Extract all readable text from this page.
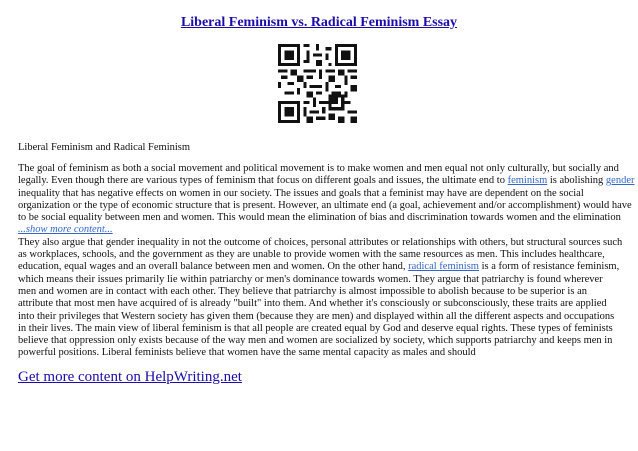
Liberal Feminism vs. Radical Feminism Essay
Liberal Feminism and Radical Feminism

The goal of feminism as both a social movement and political movement is to make women and men equal not only culturally, but socially and

legally. Even though there are various types of feminism that focus on different goals and issues, the ultimate end to feminism is abolishing gender

inequality that has negative effects on women in our society. The issues and goals that a feminist may have are dependent on the social

organization or the type of economic structure that is present. However, an ultimate end (a goal, achievement and/or accomplishment) would have

to be social equality between men and women. This would mean the elimination of bias and discrimination towards women and the elimination

...show more content...

They also argue that gender inequality in not the outcome of choices, personal attributes or relationships with others, but structural sources such

as workplaces, schools, and the government as they are unable to provide women with the same resources as men. This includes healthcare,

education, equal wages and an overall balance between men and women. On the other hand, radical feminism is a form of resistance feminism,

which means their issues primarily lie within patriarchy or men's dominance towards women. They argue that patriarchy is found wherever

men and women are in contact with each other. They believe that patriarchy is almost impossible to abolish because to be superior is an

attribute that most men have acquired of is already "built" into them. And whether it's consciously or subconsciously, these traits are applied

into their privileges that Western society has given them (because they are men) and displayed within all the different aspects and occupations

in their lives. The main view of liberal feminism is that all people are created equal by God and deserve equal rights. These types of feminists

believe that oppression only exists because of the way men and women are socialized by society, which supports patriarchy and keeps men in

powerful positions. Liberal feminists believe that women have the same mental capacity as males and should

Get more content on HelpWriting.net
